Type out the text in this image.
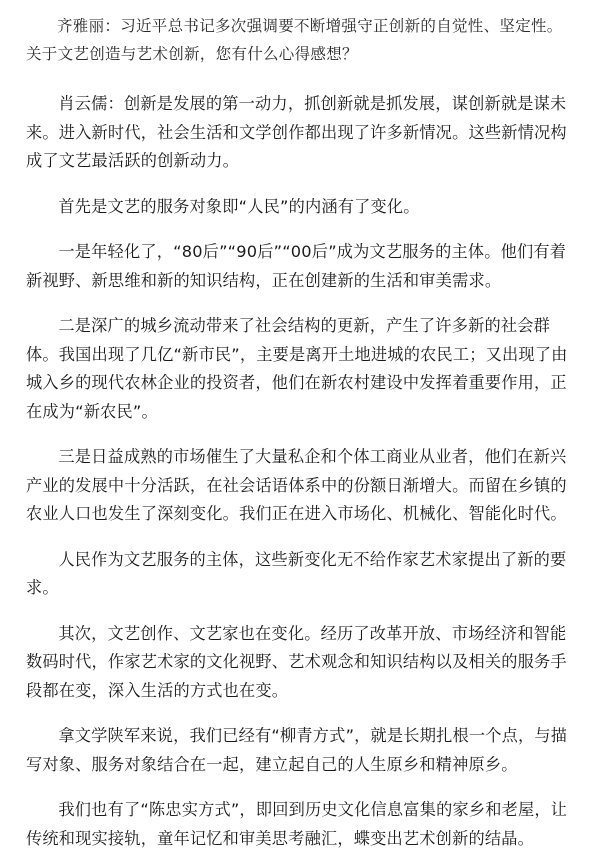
齐雅丽：习近平总书记多次强调要不断增强守正创新的自觉性、坚定性。关于文艺创造与艺术创新，您有什么心得感想？

肖云儒：创新是发展的第一动力，抓创新就是抓发展，谋创新就是谋未来。进入新时代，社会生活和文学创作都出现了许多新情况。这些新情况构成了文艺最活跃的创新动力。

首先是文艺的服务对象即“人民”的内涵有了变化。

一是年轻化了，“80后”“90后”“00后”成为文艺服务的主体。他们有着新视野、新思维和新的知识结构，正在创建新的生活和审美需求。

二是深广的城乡流动带来了社会结构的更新，产生了许多新的社会群体。我国出现了几亿“新市民”，主要是离开土地进城的农民工；又出现了由城入乡的现代农林企业的投资者，他们在新农村建设中发挥着重要作用，正在成为“新农民”。

三是日益成熟的市场催生了大量私企和个体工商业从业者，他们在新兴产业的发展中十分活跃，在社会话语体系中的份额日渐增大。而留在乡镇的农业人口也发生了深刻变化。我们正在进入市场化、机械化、智能化时代。

人民作为文艺服务的主体，这些新变化无不给作家艺术家提出了新的要求。

其次，文艺创作、文艺家也在变化。经历了改革开放、市场经济和智能数码时代，作家艺术家的文化视野、艺术观念和知识结构以及相关的服务手段都在变，深入生活的方式也在变。

拿文学陕军来说，我们已经有“柳青方式”，就是长期扎根一个点，与描写对象、服务对象结合在一起，建立起自己的人生原乡和精神原乡。

我们也有了“陈忠实方式”，即回到历史文化信息富集的家乡和老屋，让传统和现实接轨，童年记忆和审美思考融汇，蝶变出艺术创新的结晶。
